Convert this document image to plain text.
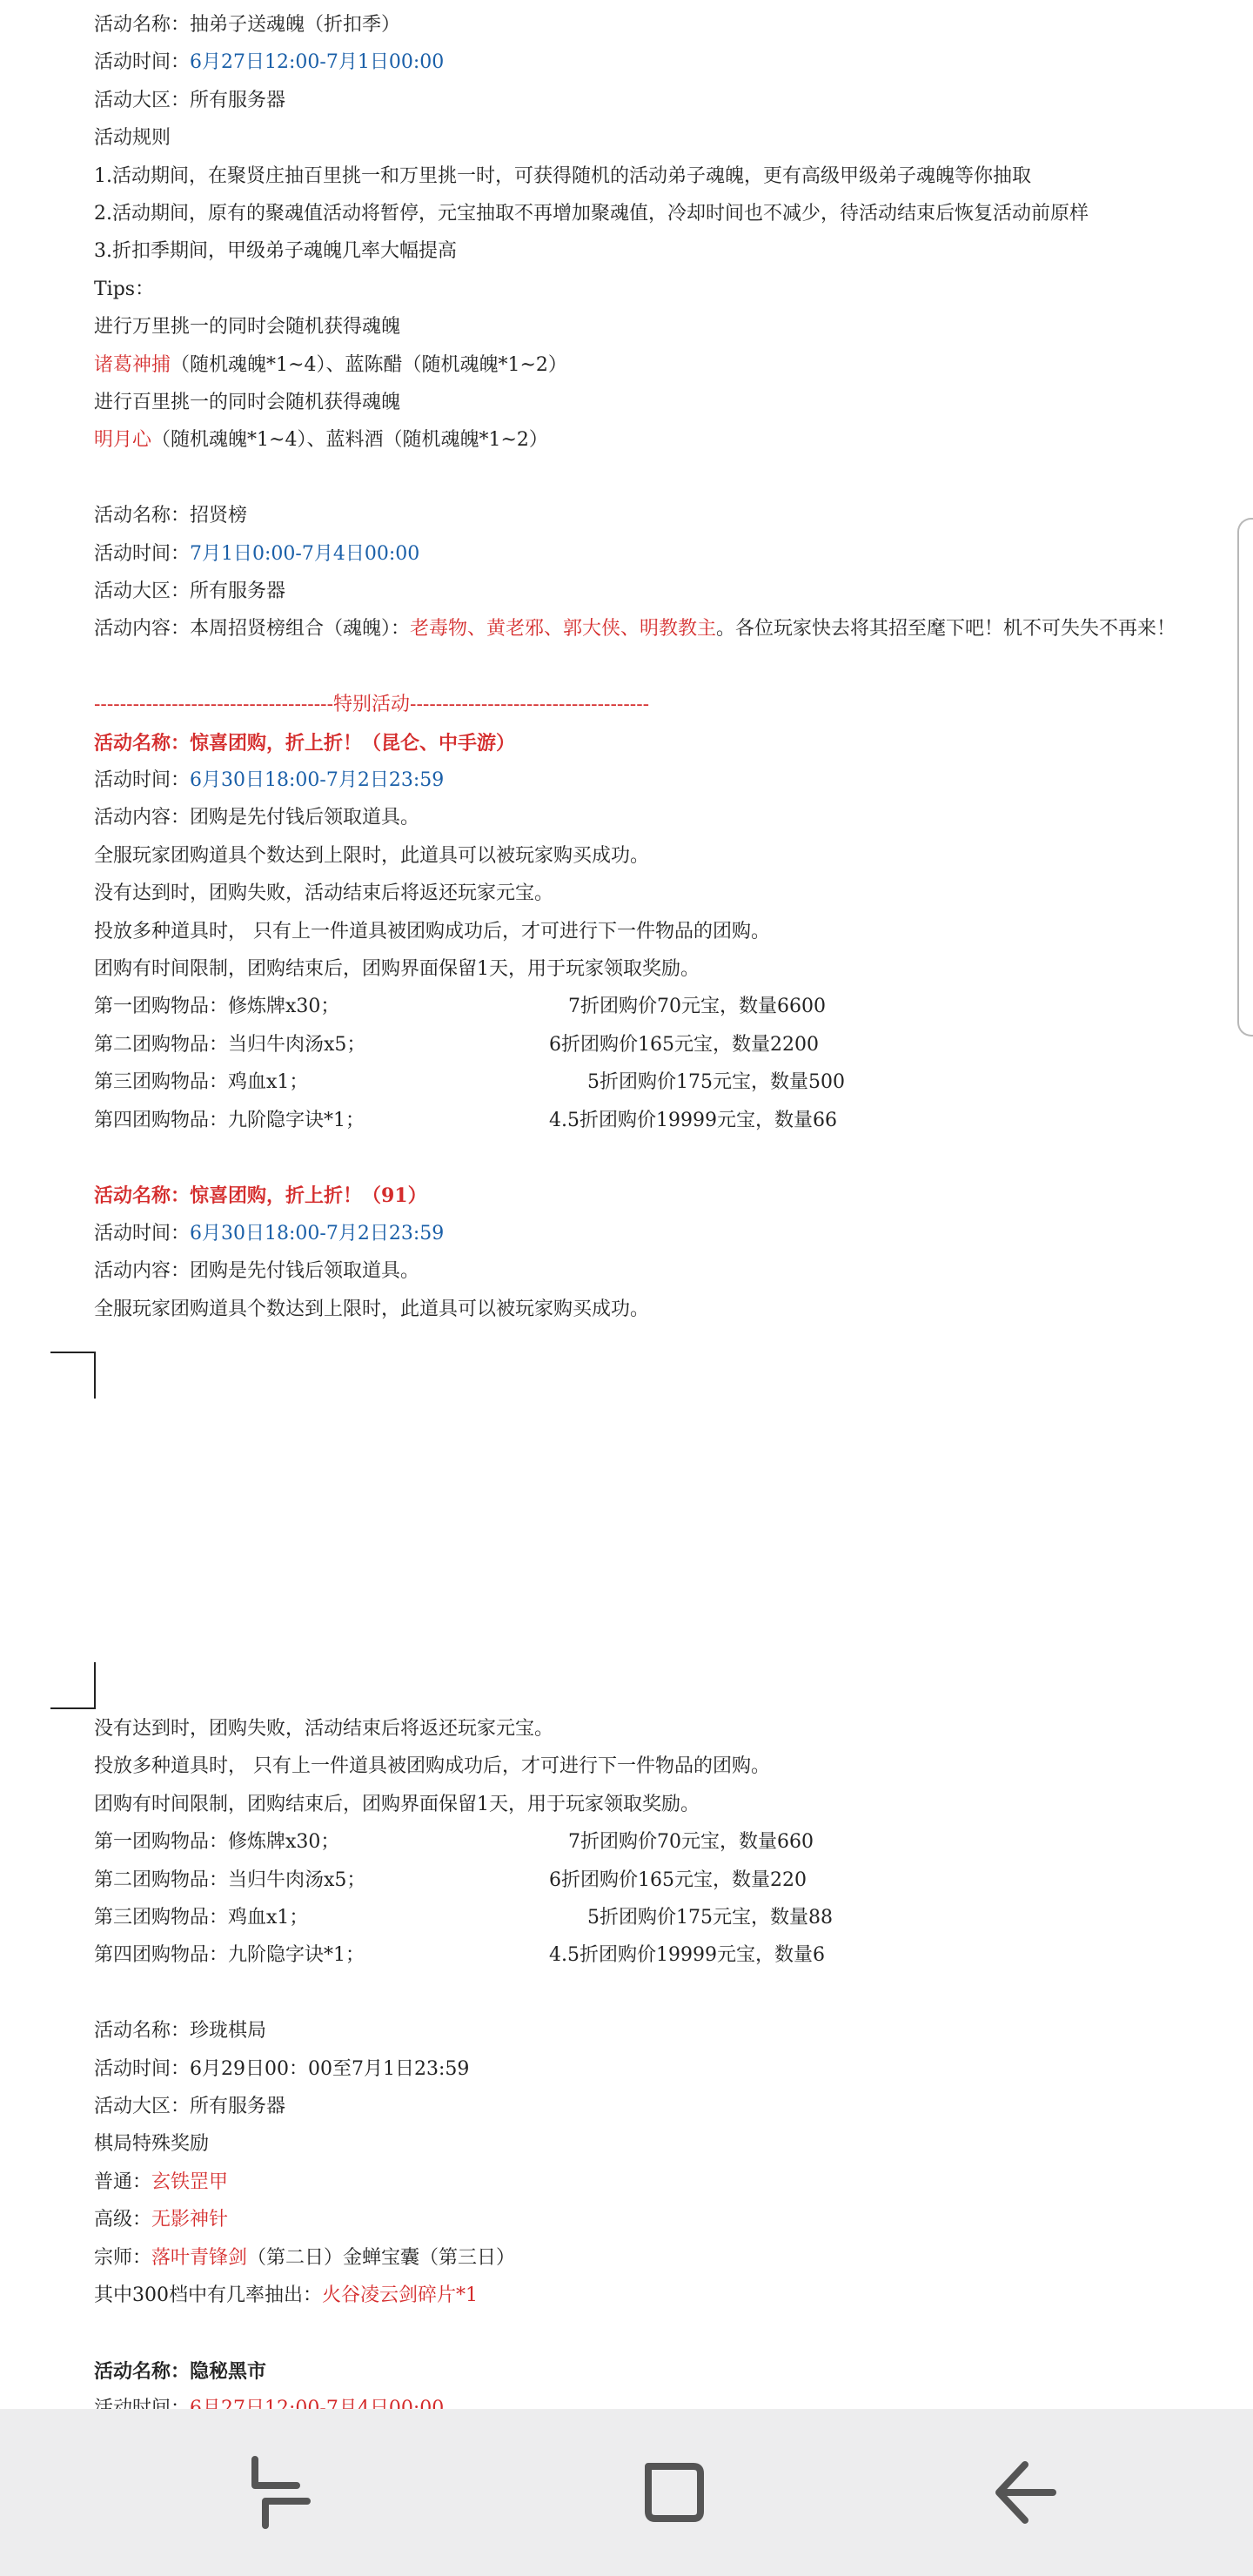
活动名称：抽弟子送魂魄（折扣季）
活动时间：6月27日12:00-7月1日00:00
活动大区：所有服务器
活动规则
1.活动期间，在聚贤庄抽百里挑一和万里挑一时，可获得随机的活动弟子魂魄，更有高级甲级弟子魂魄等你抽取
2.活动期间，原有的聚魂值活动将暂停，元宝抽取不再增加聚魂值，冷却时间也不减少，待活动结束后恢复活动前原样
3.折扣季期间，甲级弟子魂魄几率大幅提高
Tips：
进行万里挑一的同时会随机获得魂魄
诸葛神捕（随机魂魄*1~4）、蓝陈醋（随机魂魄*1~2）
进行百里挑一的同时会随机获得魂魄
明月心（随机魂魄*1~4）、蓝料酒（随机魂魄*1~2）
活动名称：招贤榜
活动时间：7月1日0:00-7月4日00:00
活动大区：所有服务器
活动内容：本周招贤榜组合（魂魄）：老毒物、黄老邪、郭大侠、明教教主。各位玩家快去将其招至麾下吧！机不可失失不再来！
-------------------------------------特别活动-------------------------------------
活动名称：惊喜团购，折上折！（昆仑、中手游）
活动时间：6月30日18:00-7月2日23:59
活动内容：团购是先付钱后领取道具。
全服玩家团购道具个数达到上限时，此道具可以被玩家购买成功。
没有达到时，团购失败，活动结束后将返还玩家元宝。
投放多种道具时， 只有上一件道具被团购成功后，才可进行下一件物品的团购。
团购有时间限制，团购结束后，团购界面保留1天，用于玩家领取奖励。
第一团购物品：修炼牌x30；	7折团购价70元宝，数量6600
第二团购物品：当归牛肉汤x5；	6折团购价165元宝，数量2200
第三团购物品：鸡血x1；	5折团购价175元宝，数量500
第四团购物品：九阶隐字诀*1；	4.5折团购价19999元宝，数量66
活动名称：惊喜团购，折上折！（91）
活动时间：6月30日18:00-7月2日23:59
活动内容：团购是先付钱后领取道具。
全服玩家团购道具个数达到上限时，此道具可以被玩家购买成功。
没有达到时，团购失败，活动结束后将返还玩家元宝。
投放多种道具时， 只有上一件道具被团购成功后，才可进行下一件物品的团购。
团购有时间限制，团购结束后，团购界面保留1天，用于玩家领取奖励。
第一团购物品：修炼牌x30；	7折团购价70元宝，数量660
第二团购物品：当归牛肉汤x5；	6折团购价165元宝，数量220
第三团购物品：鸡血x1；	5折团购价175元宝，数量88
第四团购物品：九阶隐字诀*1；	4.5折团购价19999元宝，数量6
活动名称：珍珑棋局
活动时间：6月29日00：00至7月1日23:59
活动大区：所有服务器
棋局特殊奖励
普通：玄铁罡甲
高级：无影神针
宗师：落叶青锋剑（第二日）金蝉宝囊（第三日）
其中300档中有几率抽出：火谷凌云剑碎片*1
活动名称：隐秘黑市
